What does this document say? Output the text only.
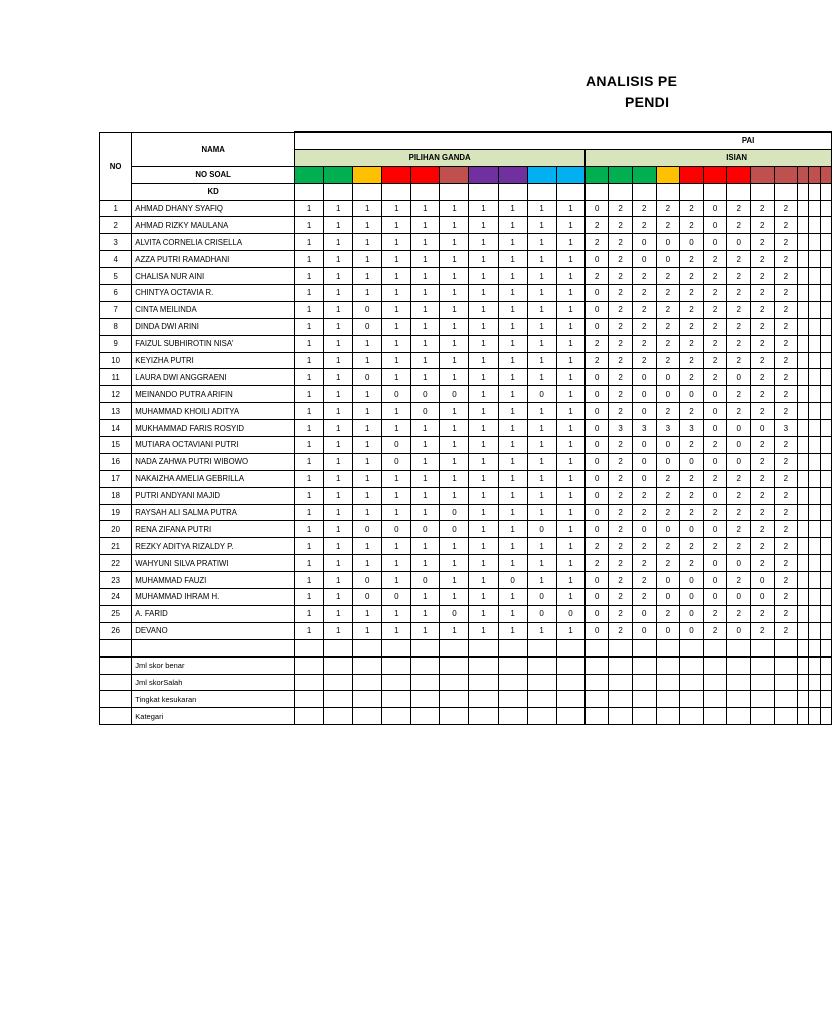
ANALISIS PE
PENDI
NO	NAMA	PAI																					
		PILIHAN GANDA										ISIAN											
	NO SOAL																						
	KD																						
1	AHMAD DHANY SYAFIQ	1	1	1	1	1	1	1	1	1	1	0	2	2	2	2	0	2	2	2			
2	AHMAD RIZKY MAULANA	1	1	1	1	1	1	1	1	1	1	2	2	2	2	2	0	2	2	2			
3	ALVITA CORNELIA CRISELLA	1	1	1	1	1	1	1	1	1	1	2	2	0	0	0	0	0	2	2			
4	AZZA PUTRI RAMADHANI	1	1	1	1	1	1	1	1	1	1	0	2	0	0	2	2	2	2	2			
5	CHALISA NUR AINI	1	1	1	1	1	1	1	1	1	1	2	2	2	2	2	2	2	2	2			
6	CHINTYA OCTAVIA R.	1	1	1	1	1	1	1	1	1	1	0	2	2	2	2	2	2	2	2			
7	CINTA MEILINDA	1	1	0	1	1	1	1	1	1	1	0	2	2	2	2	2	2	2	2			
8	DINDA DWI ARINI	1	1	0	1	1	1	1	1	1	1	0	2	2	2	2	2	2	2	2			
9	FAIZUL SUBHIROTIN NISA'	1	1	1	1	1	1	1	1	1	1	2	2	2	2	2	2	2	2	2			
10	KEYIZHA PUTRI	1	1	1	1	1	1	1	1	1	1	2	2	2	2	2	2	2	2	2			
11	LAURA DWI ANGGRAENI	1	1	0	1	1	1	1	1	1	1	0	2	0	0	2	2	0	2	2			
12	MEINANDO PUTRA ARIFIN	1	1	1	0	0	0	1	1	0	1	0	2	0	0	0	0	2	2	2			
13	MUHAMMAD KHOILI ADITYA	1	1	1	1	0	1	1	1	1	1	0	2	0	2	2	0	2	2	2			
14	MUKHAMMAD FARIS ROSYID	1	1	1	1	1	1	1	1	1	1	0	3	3	3	3	0	0	0	3			
15	MUTIARA OCTAVIANI PUTRI	1	1	1	0	1	1	1	1	1	1	0	2	0	0	2	2	0	2	2			
16	NADA ZAHWA PUTRI WIBOWO	1	1	1	0	1	1	1	1	1	1	0	2	0	0	0	0	0	2	2			
17	NAKAIZHA AMELIA GEBRILLA	1	1	1	1	1	1	1	1	1	1	0	2	0	2	2	2	2	2	2			
18	PUTRI ANDYANI MAJID	1	1	1	1	1	1	1	1	1	1	0	2	2	2	2	0	2	2	2			
19	RAYSAH ALI SALMA PUTRA	1	1	1	1	1	0	1	1	1	1	0	2	2	2	2	2	2	2	2			
20	RENA ZIFANA PUTRI	1	1	0	0	0	0	1	1	0	1	0	2	0	0	0	0	2	2	2			
21	REZKY ADITYA RIZALDY P.	1	1	1	1	1	1	1	1	1	1	2	2	2	2	2	2	2	2	2			
22	WAHYUNI SILVA PRATIWI	1	1	1	1	1	1	1	1	1	1	2	2	2	2	2	0	0	2	2			
23	MUHAMMAD FAUZI	1	1	0	1	0	1	1	0	1	1	0	2	2	0	0	0	2	0	2			
24	MUHAMMAD IHRAM H.	1	1	0	0	1	1	1	1	0	1	0	2	2	0	0	0	0	0	2			
25	A. FARID	1	1	1	1	1	0	1	1	0	0	0	2	0	2	0	2	2	2	2			
26	DEVANO	1	1	1	1	1	1	1	1	1	1	0	2	0	0	0	2	0	2	2			

	Jml skor benar																						
	Jml skorSalah																						
	Tingkat kesukaran																						
	Kategari																						
